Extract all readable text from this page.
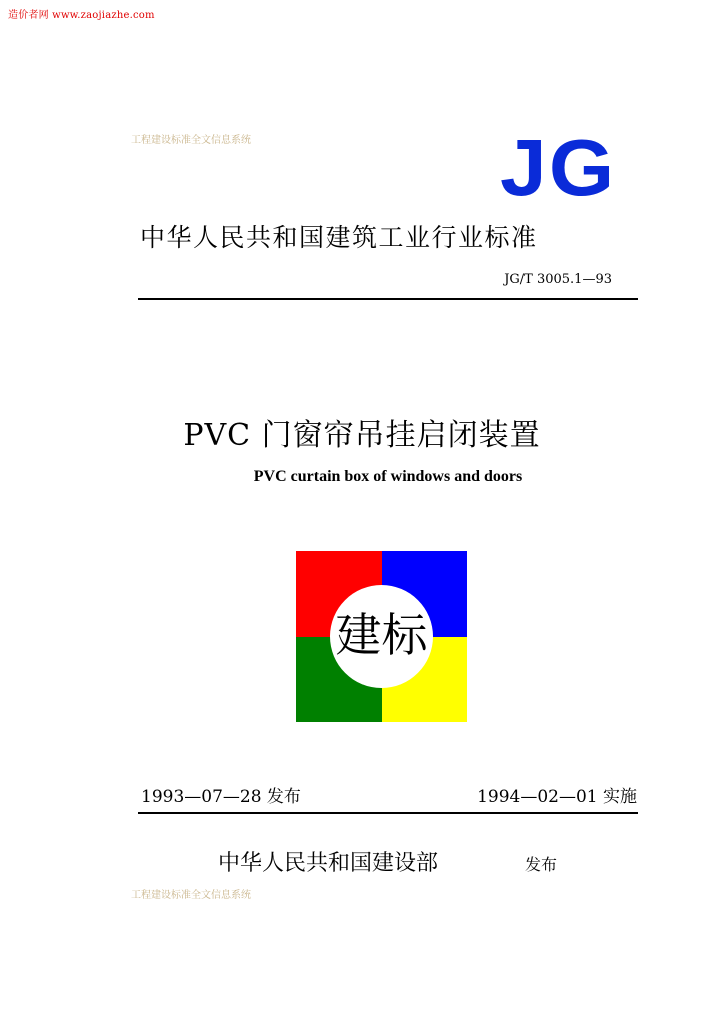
造价者网 www.zaojiazhe.com
工程建设标准全文信息系统	JG
中华人民共和国建筑工业行业标准
JG/T 3005.1—93
PVC 门窗帘吊挂启闭装置
PVC curtain box of windows and doors
建标
1993—07—28 发布	1994—02—01 实施
中华人民共和国建设部	发布
工程建设标准全文信息系统
